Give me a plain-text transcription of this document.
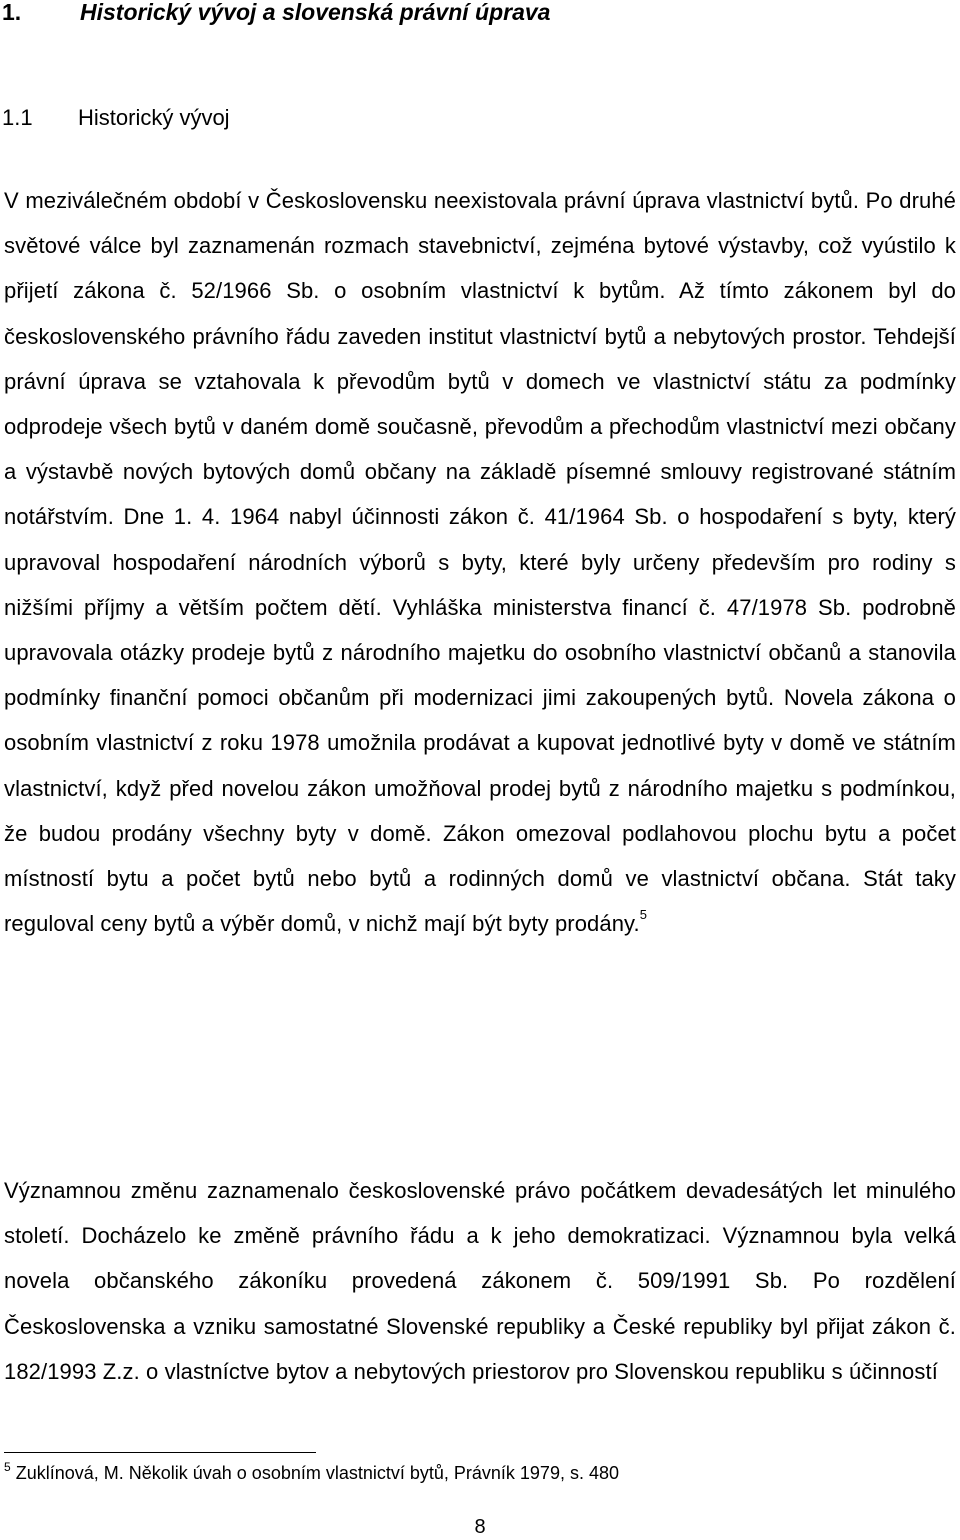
1.	Historický vývoj a slovenská právní úprava
1.1 Historický vývoj

V meziválečném období v Československu neexistovala právní úprava vlastnictví bytů. Po druhé světové válce byl zaznamenán rozmach stavebnictví, zejména bytové výstavby, což vyústilo k přijetí zákona č. 52/1966 Sb. o osobním vlastnictví k bytům. Až tímto zákonem byl do československého právního řádu zaveden institut vlastnictví bytů a nebytových prostor. Tehdejší právní úprava se vztahovala k převodům bytů v domech ve vlastnictví státu za podmínky odprodeje všech bytů v daném domě současně, převodům a přechodům vlastnictví mezi občany a výstavbě nových bytových domů občany na základě písemné smlouvy registrované státním notářstvím. Dne 1. 4. 1964 nabyl účinnosti zákon č. 41/1964 Sb. o hospodaření s byty, který upravoval hospodaření národních výborů s byty, které byly určeny především pro rodiny s nižšími příjmy a větším počtem dětí. Vyhláška ministerstva financí č. 47/1978 Sb. podrobně upravovala otázky prodeje bytů z národního majetku do osobního vlastnictví občanů a stanovila podmínky finanční pomoci občanům při modernizaci jimi zakoupených bytů. Novela zákona o osobním vlastnictví z roku 1978 umožnila prodávat a kupovat jednotlivé byty v domě ve státním vlastnictví, když před novelou zákon umožňoval prodej bytů z národního majetku s podmínkou, že budou prodány všechny byty v domě. Zákon omezoval podlahovou plochu bytu a počet místností bytu a počet bytů nebo bytů a rodinných domů ve vlastnictví občana. Stát taky reguloval ceny bytů a výběr domů, v nichž mají být byty prodány.$^5$

Významnou změnu zaznamenalo československé právo počátkem devadesátých let minulého století. Docházelo ke změně právního řádu a k jeho demokratizaci. Významnou byla velká novela občanského zákoníku provedená zákonem č. 509/1991 Sb. Po rozdělení Československa a vzniku samostatné Slovenské republiky a České republiky byl přijat zákon č. 182/1993 Z.z. o vlastníctve bytov a nebytových priestorov pro Slovenskou republiku s účinností

$^5$ Zuklínová, M. Několik úvah o osobním vlastnictví bytů, Právník 1979, s. 480

8
